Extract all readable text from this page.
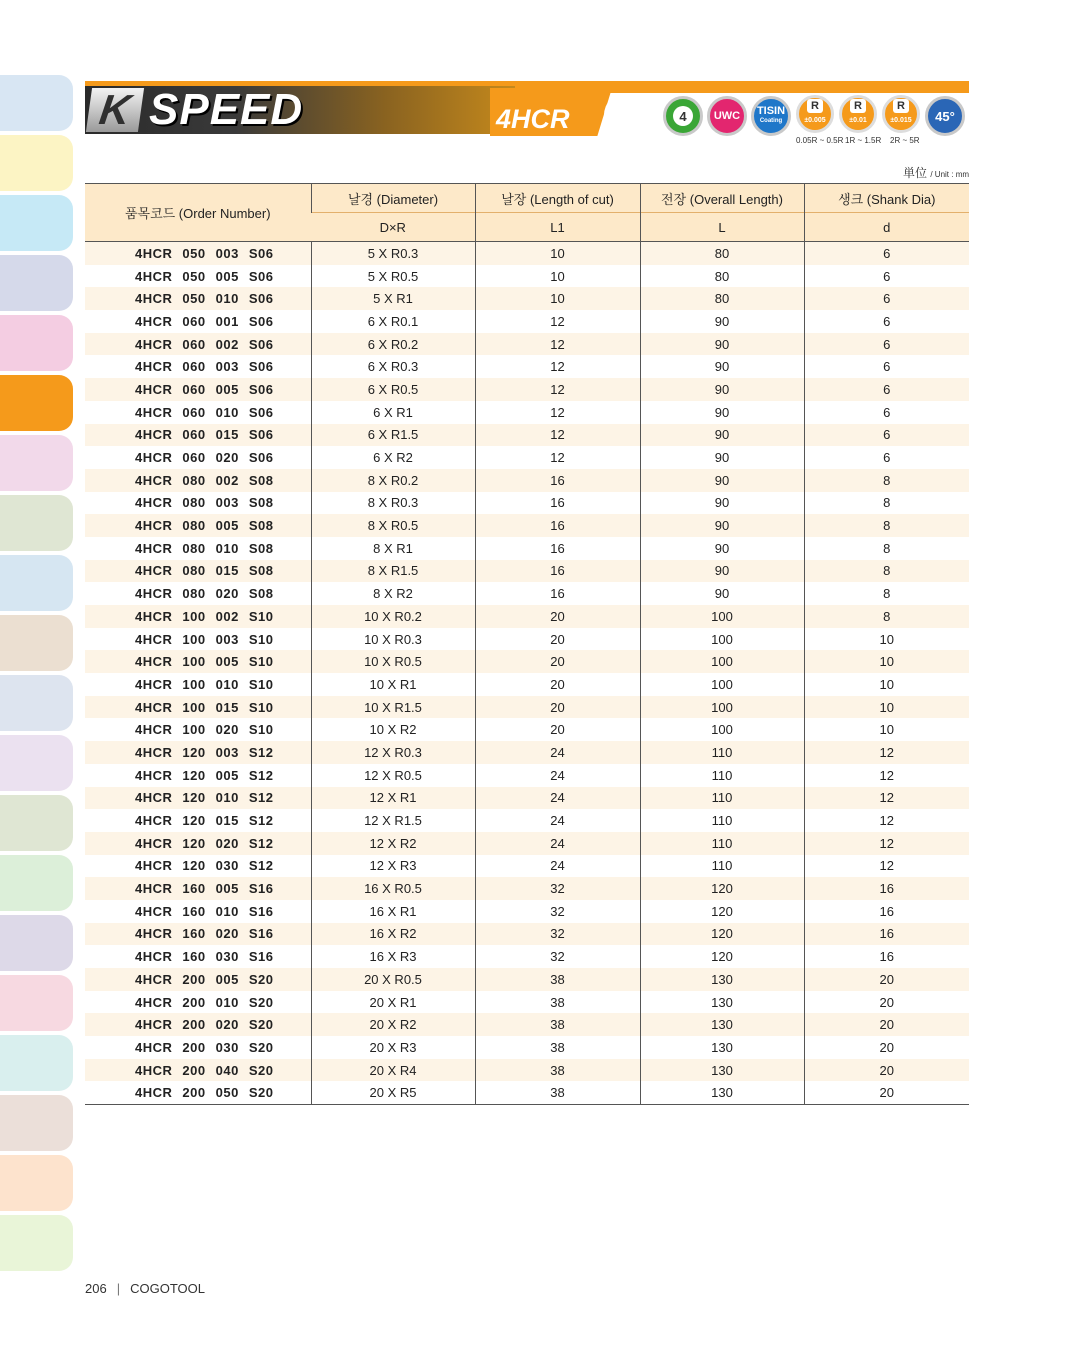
K SPEED	4HCR	4	UWC	TISIN
Coating
R
±0.005
R
±0.01
R
±0.015	45°
0.05R ~ 0.5R 1R ~ 1.5R 2R ~ 5R
単位 / Unit : mm
품목코드 (Order Number)	날경 (Diameter)	날장 (Length of cut)	전장 (Overall Length)	생크 (Shank Dia)
	D×R	L1	L	d
4HCR 050 003 S06	5 X R0.3	10	80	6
4HCR 050 005 S06	5 X R0.5	10	80	6
4HCR 050 010 S06	5 X R1	10	80	6
4HCR 060 001 S06	6 X R0.1	12	90	6
4HCR 060 002 S06	6 X R0.2	12	90	6
4HCR 060 003 S06	6 X R0.3	12	90	6
4HCR 060 005 S06	6 X R0.5	12	90	6
4HCR 060 010 S06	6 X R1	12	90	6
4HCR 060 015 S06	6 X R1.5	12	90	6
4HCR 060 020 S06	6 X R2	12	90	6
4HCR 080 002 S08	8 X R0.2	16	90	8
4HCR 080 003 S08	8 X R0.3	16	90	8
4HCR 080 005 S08	8 X R0.5	16	90	8
4HCR 080 010 S08	8 X R1	16	90	8
4HCR 080 015 S08	8 X R1.5	16	90	8
4HCR 080 020 S08	8 X R2	16	90	8
4HCR 100 002 S10	10 X R0.2	20	100	8
4HCR 100 003 S10	10 X R0.3	20	100	10
4HCR 100 005 S10	10 X R0.5	20	100	10
4HCR 100 010 S10	10 X R1	20	100	10
4HCR 100 015 S10	10 X R1.5	20	100	10
4HCR 100 020 S10	10 X R2	20	100	10
4HCR 120 003 S12	12 X R0.3	24	110	12
4HCR 120 005 S12	12 X R0.5	24	110	12
4HCR 120 010 S12	12 X R1	24	110	12
4HCR 120 015 S12	12 X R1.5	24	110	12
4HCR 120 020 S12	12 X R2	24	110	12
4HCR 120 030 S12	12 X R3	24	110	12
4HCR 160 005 S16	16 X R0.5	32	120	16
4HCR 160 010 S16	16 X R1	32	120	16
4HCR 160 020 S16	16 X R2	32	120	16
4HCR 160 030 S16	16 X R3	32	120	16
4HCR 200 005 S20	20 X R0.5	38	130	20
4HCR 200 010 S20	20 X R1	38	130	20
4HCR 200 020 S20	20 X R2	38	130	20
4HCR 200 030 S20	20 X R3	38	130	20
4HCR 200 040 S20	20 X R4	38	130	20
4HCR 200 050 S20	20 X R5	38	130	20
206 | COGOTOOL
